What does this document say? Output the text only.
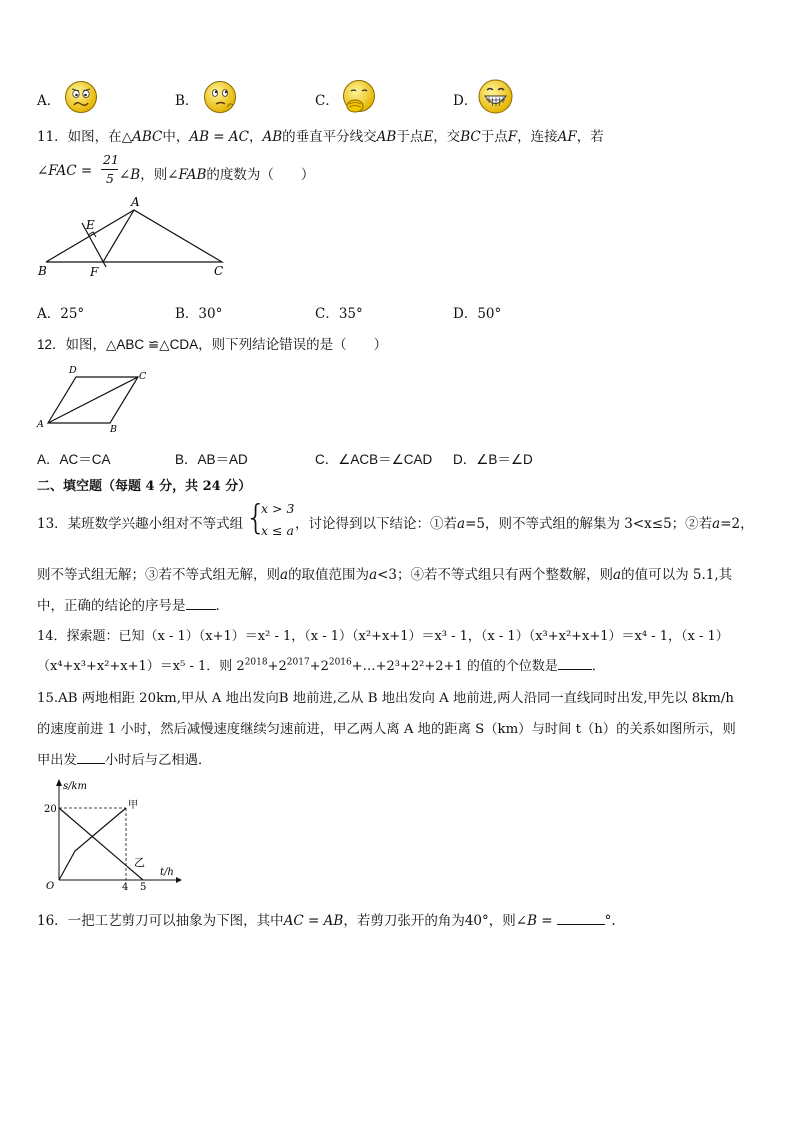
A．	B．	C．	D．
11．如图，在△ABC中，AB = AC，AB的垂直平分线交AB于点E，交BC于点F，连接AF，若
∠FAC =
21
5 ∠B，则∠FAB的度数为（　　）
A
E
B	F	C
A．25°	B．30°	C．35°	D．50°
12．如图，△ABC ≌△CDA，则下列结论错误的是（　　）
D
C
A	B
A．AC＝CA	B．AB＝AD	C．∠ACB＝∠CAD D．∠B＝∠D
二、填空题（每题 4 分，共 24 分）
13．某班数学兴趣小组对不等式组 {
x > 3
x ≤ a ，讨论得到以下结论：①若a=5，则不等式组的解集为 3<x≤5；②若a=2，
则不等式组无解；③若不等式组无解，则a的取值范围为a<3；④若不等式组只有两个整数解，则a的值可以为 5.1,其
中，正确的结论的序号是 ．
14．探索题：已知（x - 1）（x+1）＝x² - 1，（x - 1）（x²+x+1）＝x³ - 1，（x - 1）（x³+x²+x+1）＝x⁴ - 1，（x - 1）
（x⁴+x³+x²+x+1）＝x⁵ - 1．则 $2^{2018}+2^{2017}+2^{2016}+\dots+2^3+2^2+2+1$ 的值的个位数是	．
15.AB 两地相距 20km,甲从 A 地出发向B 地前进,乙从 B 地出发向 A 地前进,两人沿同一直线同时出发,甲先以 8km/h
的速度前进 1 小时，然后减慢速度继续匀速前进，甲乙两人离 A 地的距离 S（km）与时间 t（h）的关系如图所示，则
甲出发 小时后与乙相遇．
s/km
t/h
O
20
4 5
甲
乙
16．一把工艺剪刀可以抽象为下图，其中AC = AB，若剪刀张开的角为40°，则∠B =	°.
